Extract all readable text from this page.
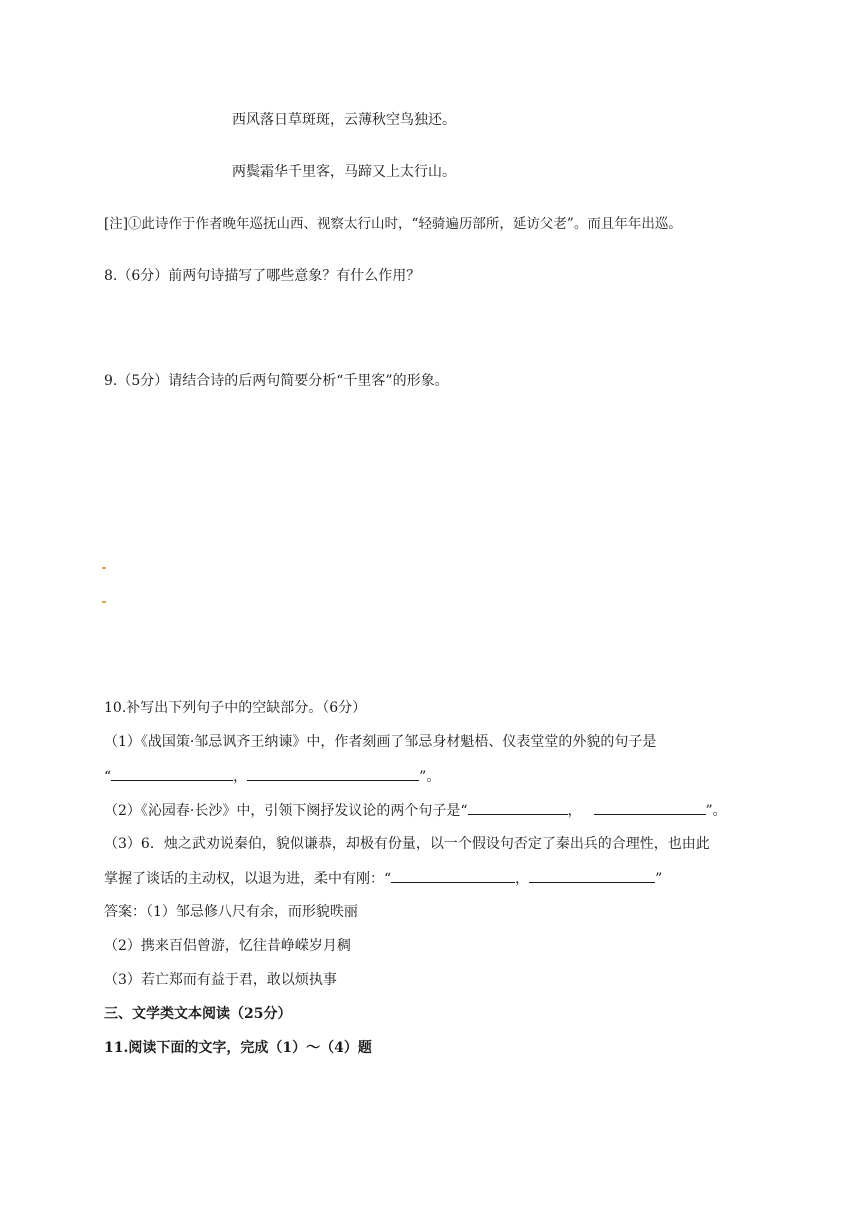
西风落日草斑斑，云薄秋空鸟独还。
两鬓霜华千里客，马蹄又上太行山。
[注]①此诗作于作者晚年巡抚山西、视察太行山时，“轻骑遍历部所，延访父老”。而且年年出巡。
8.（6分）前两句诗描写了哪些意象？有什么作用？
9.（5分）请结合诗的后两句简要分析“千里客”的形象。
10.补写出下列句子中的空缺部分。（6分）
（1）《战国策·邹忌讽齐王纳谏》中，作者刻画了邹忌身材魁梧、仪表堂堂的外貌的句子是
“	，	”。
（2）《沁园春·长沙》中，引领下阕抒发议论的两个句子是“	，	”。
（3）6．烛之武劝说秦伯，貌似谦恭，却极有份量，以一个假设句否定了秦出兵的合理性，也由此
掌握了谈话的主动权，以退为进，柔中有刚：“	，	”
答案：（1）邹忌修八尺有余，而形貌昳丽
（2）携来百侣曾游，忆往昔峥嵘岁月稠
（3）若亡郑而有益于君，敢以烦执事
三、文学类文本阅读（25分）
11.阅读下面的文字，完成（1）～（4）题
